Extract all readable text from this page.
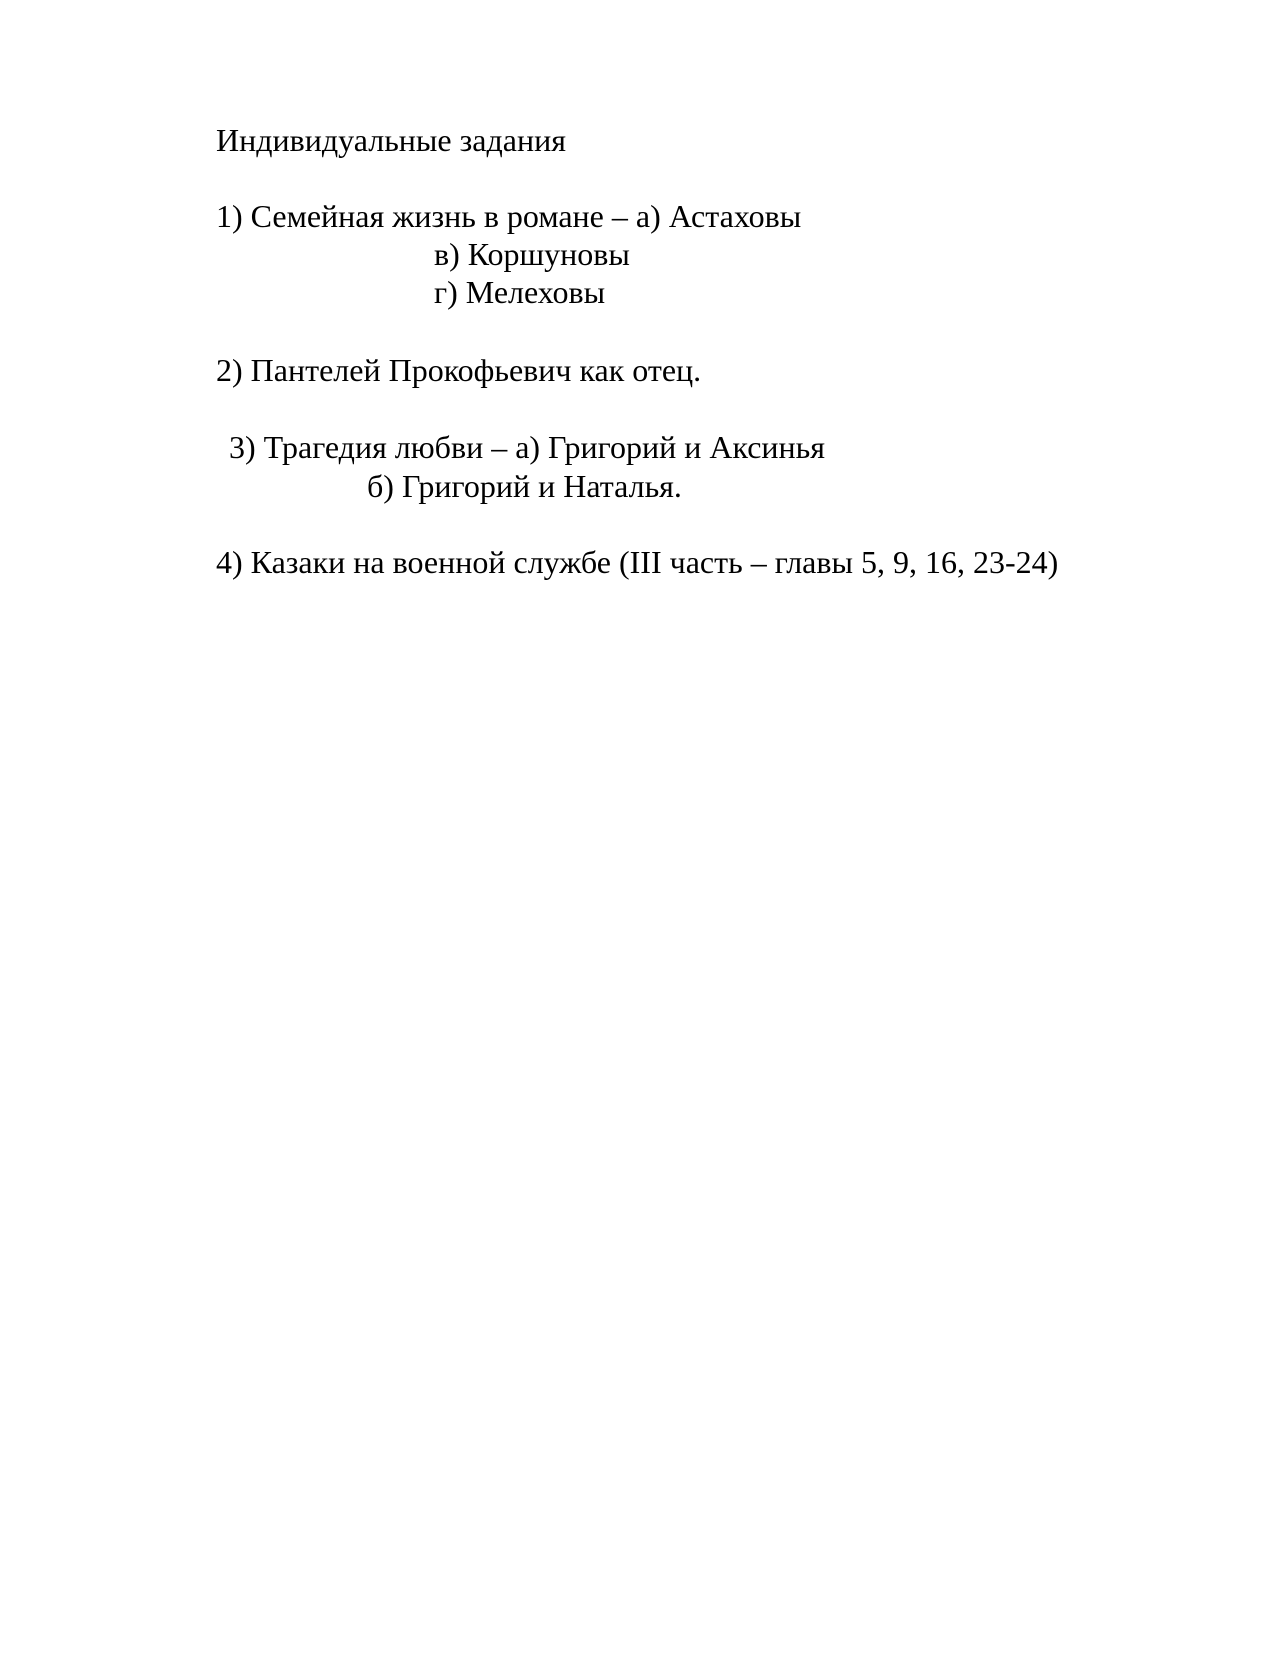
Индивидуальные задания
1) Семейная жизнь в романе – а) Астаховы
в) Коршуновы
г) Мелеховы
2) Пантелей Прокофьевич как отец.
3) Трагедия любви – а) Григорий и Аксинья
б) Григорий и Наталья.
4) Казаки на военной службе (III часть – главы 5, 9, 16, 23-24)
